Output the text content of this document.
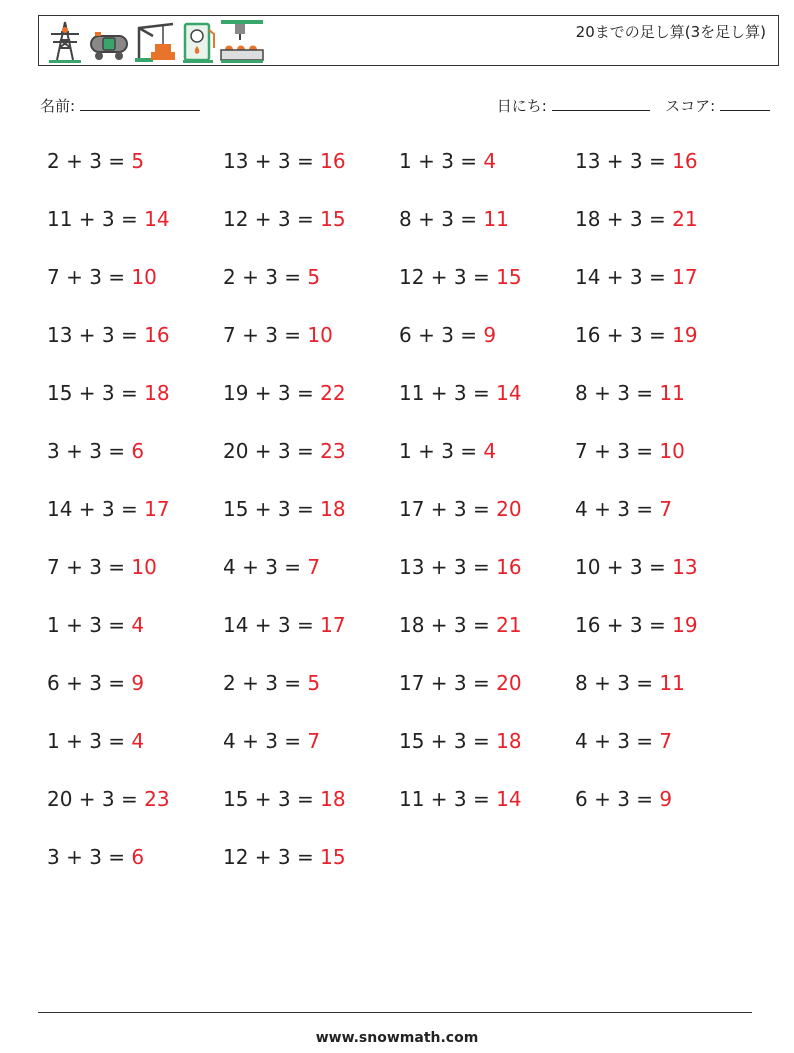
20までの足し算(3を足し算)
名前:	日にち:	スコア:
2 + 3 = 5	13 + 3 = 16	1 + 3 = 4	13 + 3 = 16
11 + 3 = 14	12 + 3 = 15	8 + 3 = 11	18 + 3 = 21
7 + 3 = 10	2 + 3 = 5	12 + 3 = 15	14 + 3 = 17
13 + 3 = 16	7 + 3 = 10	6 + 3 = 9	16 + 3 = 19
15 + 3 = 18	19 + 3 = 22	11 + 3 = 14	8 + 3 = 11
3 + 3 = 6	20 + 3 = 23	1 + 3 = 4	7 + 3 = 10
14 + 3 = 17	15 + 3 = 18	17 + 3 = 20	4 + 3 = 7
7 + 3 = 10	4 + 3 = 7	13 + 3 = 16	10 + 3 = 13
1 + 3 = 4	14 + 3 = 17	18 + 3 = 21	16 + 3 = 19
6 + 3 = 9	2 + 3 = 5	17 + 3 = 20	8 + 3 = 11
1 + 3 = 4	4 + 3 = 7	15 + 3 = 18	4 + 3 = 7
20 + 3 = 23	15 + 3 = 18	11 + 3 = 14	6 + 3 = 9
3 + 3 = 6	12 + 3 = 15
www.snowmath.com
